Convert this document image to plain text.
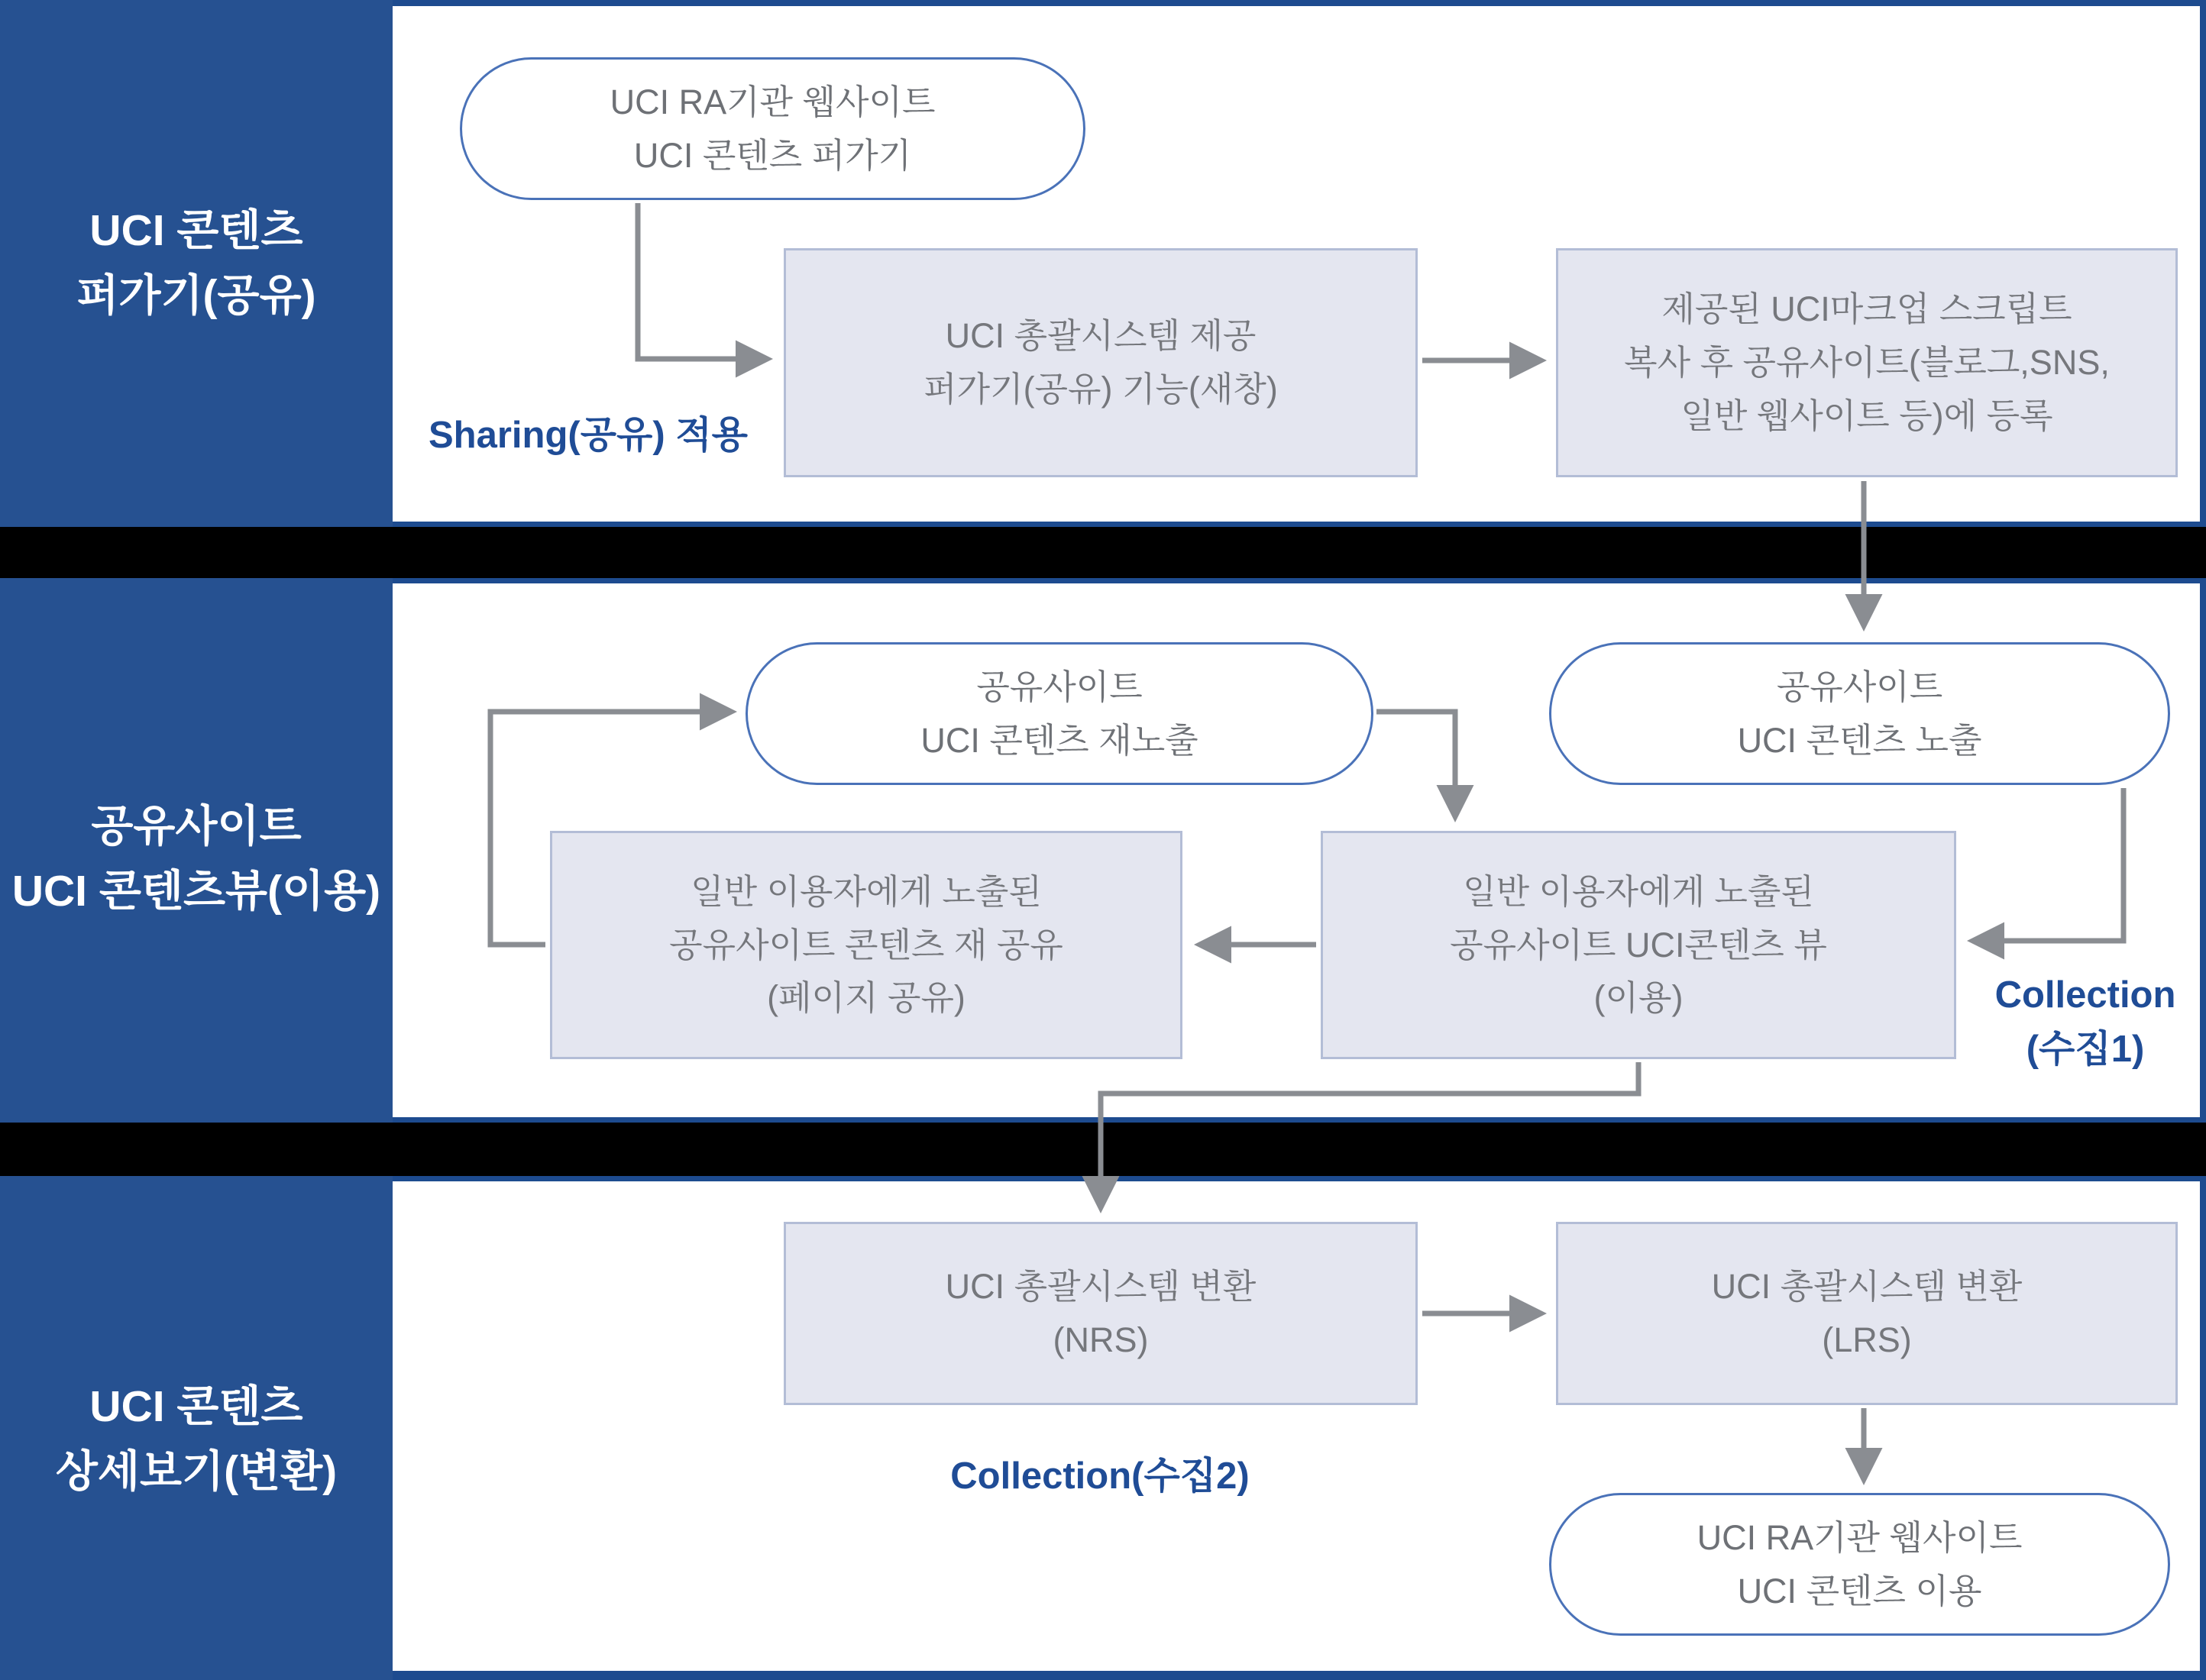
UCI 콘텐츠
퍼가기(공유)
공유사이트
UCI 콘텐츠뷰(이용)
UCI 콘텐츠
상세보기(변환)
UCI RA기관 웹사이트
UCI 콘텐츠 퍼가기
Sharing(공유) 적용
UCI 총괄시스템 제공
퍼가기(공유) 기능(새창)
제공된 UCI마크업 스크립트
복사 후 공유사이트(블로그,SNS,
일반 웹사이트 등)에 등록
공유사이트
UCI 콘텐츠 재노출
공유사이트
UCI 콘텐츠 노출
일반 이용자에게 노출된
공유사이트 콘텐츠 재 공유
(페이지 공유)
일반 이용자에게 노출된
공유사이트 UCI콘텐츠 뷰
(이용)	Collection
(수집1)
UCI 총괄시스템 변환
(NRS)
UCI 총괄시스템 변환
(LRS)
Collection(수집2)
UCI RA기관 웹사이트
UCI 콘텐츠 이용
